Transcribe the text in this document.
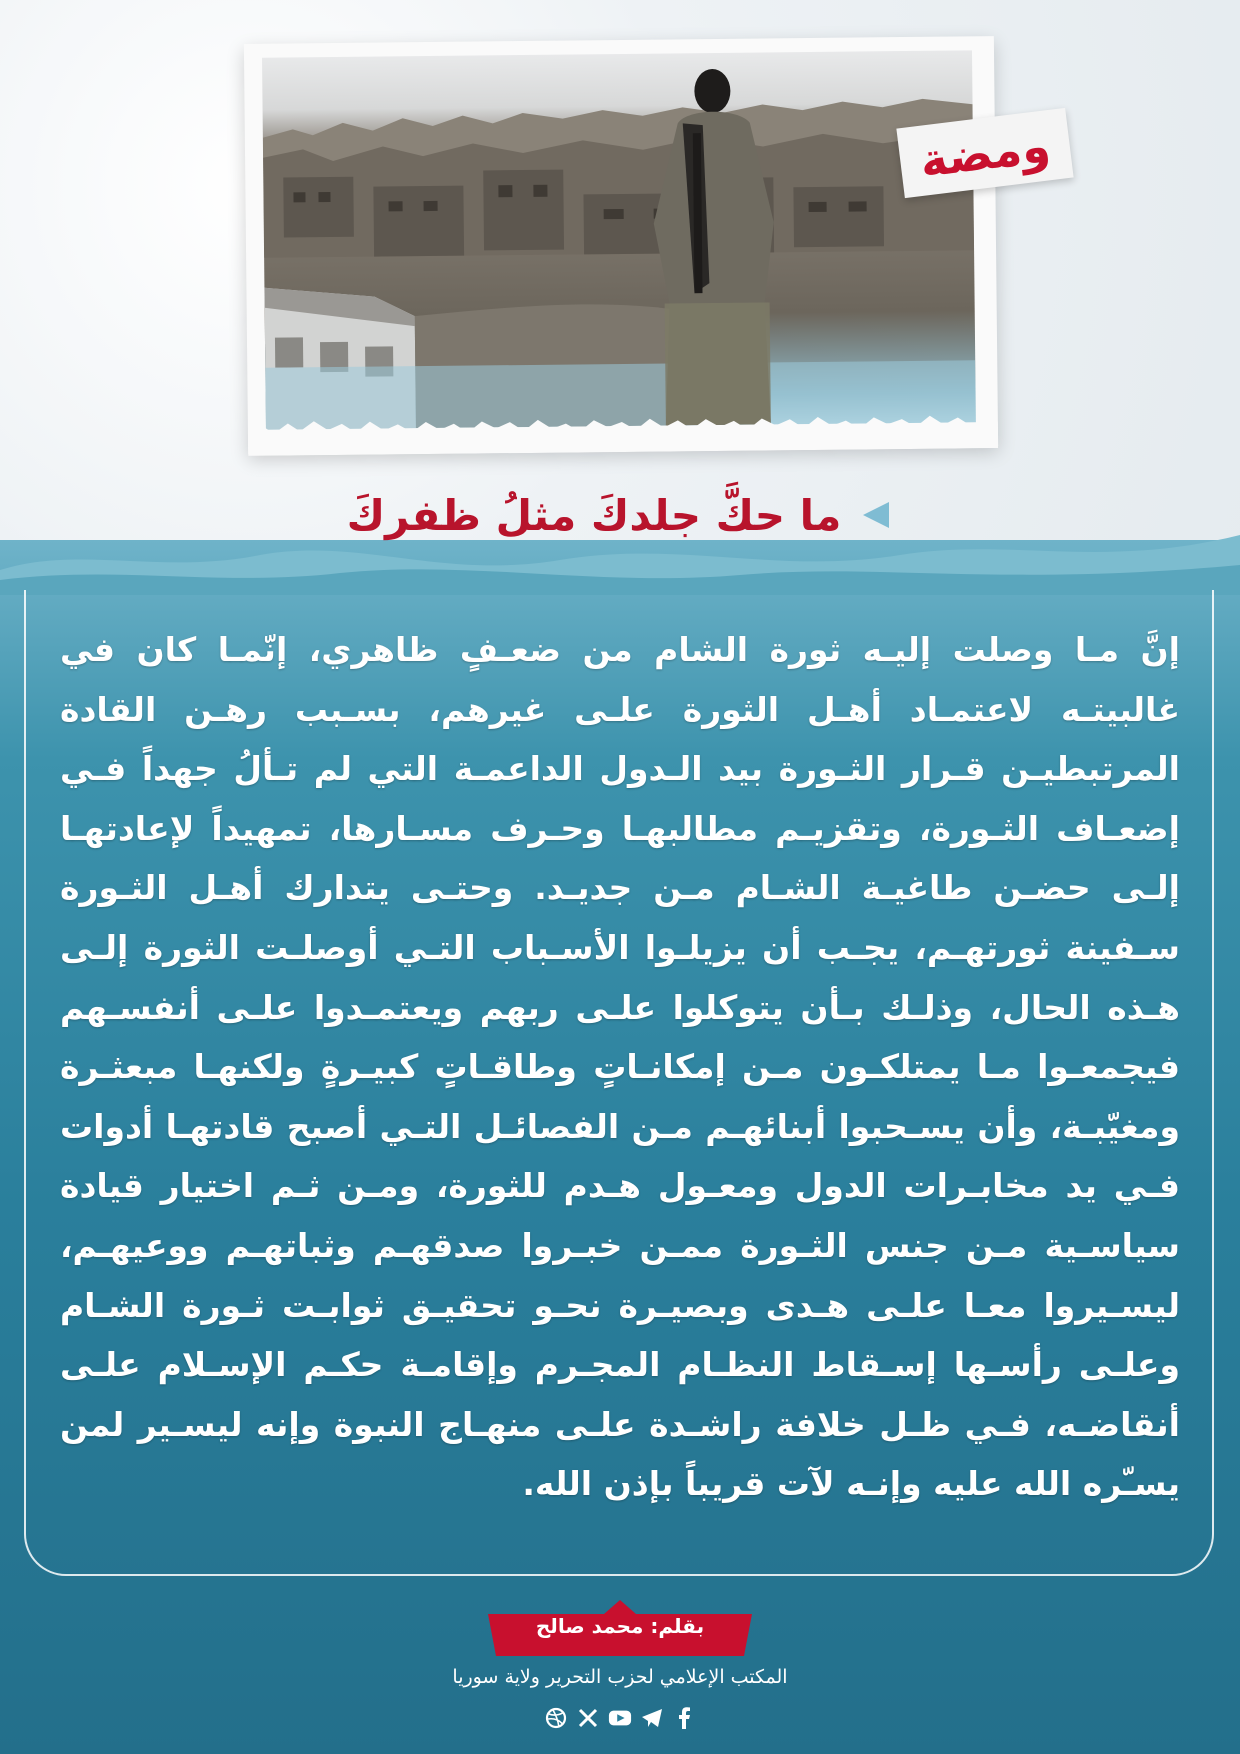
ومضة
ما حكَّ جلدكَ مثلُ ظفركَ
إنَّ مـا وصلت إليـه ثورة الشام من ضعـفٍ ظاهري، إنّمـا كان في غالبيتـه لاعتمـاد أهـل الثورة علـى غيرهم، بسـبب رهـن القادة المرتبطيـن قـرار الثـورة بيد الـدول الداعمـة التي لم تـألُ جهداً فـي إضعـاف الثـورة، وتقزيـم مطالبهـا وحـرف مسـارها، تمهيداً لإعادتهـا إلـى حضـن طاغيـة الشـام مـن جديـد. وحتـى يتدارك أهـل الثـورة سـفينة ثورتهـم، يجـب أن يزيلـوا الأسـباب التـي أوصلـت الثورة إلـى هـذه الحال، وذلـك بـأن يتوكلوا علـى ربهم ويعتمـدوا علـى أنفسـهم فيجمعـوا مـا يمتلكـون مـن إمكانـاتٍ وطاقـاتٍ كبيـرةٍ ولكنهـا مبعثـرة ومغيّبـة، وأن يسـحبوا أبنائهـم مـن الفصائـل التـي أصبح قادتهـا أدوات فـي يد مخابـرات الدول ومعـول هـدم للثورة، ومـن ثـم اختيار قيادة سياسـية مـن جنس الثـورة ممـن خبـروا صدقهـم وثباتهـم ووعيهـم، ليسـيروا معـا علـى هـدى وبصيـرة نحـو تحقيـق ثوابـت ثـورة الشـام وعلـى رأسـها إسـقاط النظـام المجـرم وإقامـة حكـم الإسـلام علـى أنقاضـه، فـي ظـل خلافة راشـدة علـى منهـاج النبوة وإنه ليسـير لمن يسـّره الله عليه وإنـه لآت قريباً بإذن الله.
بقلم: محمد صالح
المكتب الإعلامي لحزب التحرير ولاية سوريا
